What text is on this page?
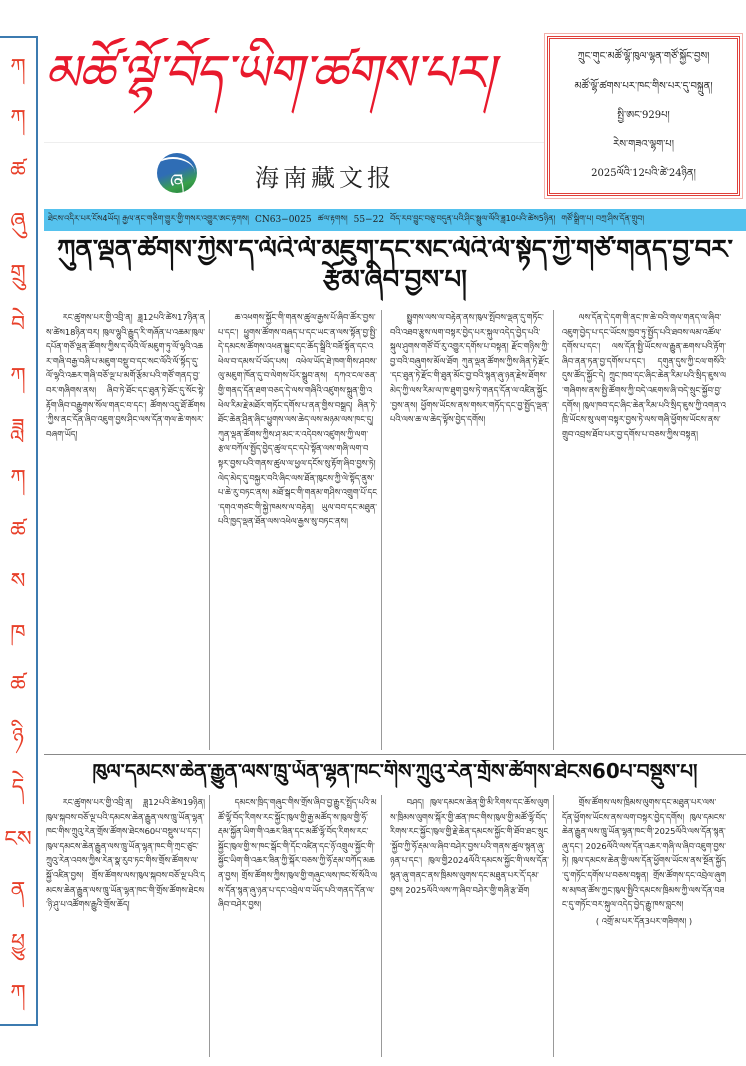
ཀ
ཀ
ཚ
ཞུ
གྲུ
བེ
ཀ
ཟླ
ཀ
ཚ
ས
ཁ
ཚ
ཉི
དེ
ངས
ན
ཕྱུ
ཀ
མཚོ་ལྷོ་བོད་ཡིག་ཚགས་པར།
ཞ	海南藏文报
ཀྲུང་གུང་མཚོ་ལྷོ་ཁུལ་ལྷན་གཙོ་སྐྱོང་བྱས།
མཚོ་ལྷོ་ཚགས་པར་ཁང་གིས་པར་དུ་བསྐྲུན།
སྤྱི་ཨང་929པ།
རེས་གཟའ་ལྷག་པ།
2025ལོའི་12པའི་ཚེ་24ཉིན།
ཐེངས་འདིར་པར་ངོས4ཡོད། རྒྱལ་ནང་གཅིག་གྱུར་གྱི་གསར་འགྱུར་ཨང་རྟགས། CN63−0025 ཚལ་རྟགས། 55−22 བོད་རབ་བྱུང་བཅུ་བདུན་པའི་ཤིང་སྦྲུལ་ལོའི་ཟླ10པའི་ཚེས5ཉིན། གཙོ་སྒྲིག་པ། བཀྲ་ཤིས་དོན་གྲུབ།
ཀུན་ལྡན་ཚོགས་ཀྱིས་ད་ལོའི་ལོ་མཇུག་དང་སང་ལོའི་ལོ་སྟོད་ཀྱི་གཙོ་གནད་བྱ་བར་རྩོམ་ཞིབ་བྱས་པ།

རང་ཚུགས་པར་གྱི་འབྲི་ན། ཟླ12པའི་ཚེས17ཉིན་ནས་ཚེས18ཉིན་བར། ཁུལ་ལྷུའི་རྒྱུད་རི་གཞོན་པ་འཆམ་ཁུལ་དཔོན་གཙོ་ལྡན་ཚོགས་ཀྱིས་ད་ལོའི་ལོ་མཇུག་ཏུ་ལོ་ལྷའི་འཆར་གཞི་བརྒྱ་བཞི་པ་མཇུག་བསྡུ་བ་དང་སང་ལོའི་ལོ་སྟོད་དུ་ལོ་ལྷའི་འཆར་གཞི་བཅོ་ལྔ་པ་མགོ་རྩོམ་པའི་གཙོ་གནད་བྱ་བར་གཞིགས་ནས། ཞིབ་ཏེ་ཐོང་དང་ཐུན་ཏེ་ཐོང་དུ་སོང་སྟེ་རྟོག་ཞིབ་བརྒྱུགས་སོལ་གནང་བ་དང་། ཚོགས་འདུ་ཐོ་ཚོགས་ཀྱིས་ནང་དོན་ཞིབ་འཇུག་བྱས་ཤིང་ལས་དོན་གལ་ཆེ་གསར་བཞག་ཡོད།

ཆ་འཕགས་སྐྱོང་གི་གནས་ཚུལ་རྒྱས་པོ་ཞིབ་ཚོར་བྱས་པ་དང་། ཕྱུགས་ཚོགས་བཞད་པ་དང་ཡང་ན་ལས་སྟོན་བྱ་སྤྱི་དེ་དམངས་ཚོགས་འཕན་སྐྱུང་དང་ཆོད་སྒྲིའི་བཟོ་སྟོན་དང་འཕེལ་བ་དམས་པོ་ཡོད་པས། འཕེལ་ཡོད་ཐེ་ཁག་གིས་ཤབས་ལུ་མཇུག་ཁོན་དུ་བ་ལེགས་པོར་སྒྲུབ་ནས། དཀའ་ངལ་ཅན་གྱི་གནད་དོན་ཐག་བཅད་དེ་ལས་གཞིའི་འཛུགས་སྐྲུན་གྱི་འཕེལ་རིམ་རྗེ་མཐོར་གཏོང་དགོས་པ་ནན་གྱིས་བསྒྲད། ཞིན་ཏེ་ཐོང་ཆེན་ཤྲིན་ཞིང་ཕྱུགས་ལས་ཆེད་ལས་མཉམ་ལས་ཁང་དུ། ཀུན་ལྡན་ཚོགས་ཀྱིས་ཤ་མང་ར་འདེབས་འཛུགས་ཀྱི་ལག་རྩལ་བཀོལ་སྤྱོད་བྱེད་ཚུལ་དང་དཔེ་སྟོན་ལས་གཞི་ལག་བསྟར་བྱས་པའི་གནས་ཚུལ་ལ་ཕྱལ་དངོས་སུ་རྟོག་ཞིབ་བྱས་ཏེ། ལེད་མེད་དུ་བསྐྱར་བའི་ཞིང་ལས་ཐོན་ཁུངས་ཀྱི་ལེ་སྟོད་ནུས་པ་ཆེ་རུ་བཏང་ནས། མཐོ་སྒང་གི་གནམ་གཤིས་འགྲུག་པོ་དང་དགའ་གཙང་གི་སྐྱེ་ཁམས་ལ་བརྟེན། ཡུལ་བབ་དང་མཐུན་པའི་ཁྱད་ལྡན་ཐོན་ལས་འཕེལ་རྒྱས་སུ་བཏང་ནས།

སྤྱུགས་ལས་ལ་བརྟེན་ནས་ཁུལ་སྤོབས་ལྡན་དུ་གཏོང་བའི་འཐབ་རྩུས་ལག་བསྟར་བྱེད་པར་སྐུལ་འདེད་བྱེད་པའི་སྐུལ་ཤུགས་གཙོ་བོ་རུ་འགྱུར་དགོས་པ་བསྟན། རྫོང་གཉིས་ཀྱི་བྱ་བའི་བཞུགས་མོལ་ཐོག ཀུན་ལྡན་ཚོགས་ཀྱིས་ཞིན་ཏེ་རྫོང་དང་ཐུན་ཏེ་རྫོང་གི་ཐུན་མོང་བྱ་བའི་སྙན་ཞུ་ཉན་རྗེས་ཐོགས་མེད་ཀྱི་ལས་རིམ་ལ་ཁ་ཐུག་བྱས་ཏེ་གནད་དོན་ལ་འཛིན་སྐྱོང་བྱས་ནས། ཕྱོགས་ཡོངས་ནས་གསར་གཏོད་དང་བྱ་སྤྱོད་ལྡན་པའི་ལས་ཆ་ལ་ཆེད་ལྟོས་བྱེད་དགོས།

ལས་དོན་དེ་དག་གི་ནང་ཁ་ཆེ་བའི་གལ་གནད་ལ་ཞིབ་འཇུག་བྱེད་པ་དང་ཡོངས་ཁྱབ་ཏུ་སྤྱོད་པའི་ཐབས་ལམ་འཚོལ་དགོས་པ་དང་། ལས་དོན་སྤྱི་ཡོངས་ལ་རྒྱུན་ཆགས་པའི་རྟོག་ཞིབ་ནན་ཏན་བྱ་དགོས་པ་དང་། དགུན་དུས་ཀྱི་ངལ་གསོའི་དུས་ཚོད་སྐྱོང་དེ། ཀྲུང་ཁབ་དང་ཞིང་ཆེན་རིམ་པའི་སྲིད་ཇུས་ལ་གཞིགས་ནས་སྤྱི་ཚོགས་ཀྱི་བདེ་འཇགས་ཞི་བདེ་སྲུང་སྐྱོབ་བྱ་དགོས། ཁུལ་ཁབ་དང་ཞིང་ཆེན་རིམ་པའི་སྲིད་ཇུས་ཀྱི་འགན་འཁྲི་ཡོངས་སུ་ལག་བསྟར་བྱས་ཏེ་ལས་གཞི་ཕྱོགས་ཡོངས་ནས་གྲུབ་འབྲས་ཐོབ་པར་བྱ་དགོས་པ་བཅས་ཀྱིས་བསྟན།

ཁུལ་དམངས་ཆེན་རྒྱུན་ལས་ཁྲུ་ཡོན་ལྷན་ཁང་གིས་ཀྲུའུ་རེན་གྲོས་ཚོགས་ཐེངས60པ་བསྡུས་པ།

རང་ཚུགས་པར་གྱི་འབྲི་ན། ཟླ12པའི་ཚེས19ཉིན། ཁུལ་སྐབས་བཅོ་ལྔ་པའི་དམངས་ཆེན་རྒྱུན་ལས་ཁྲུ་ཡོན་ལྷན་ཁང་གིས་ཀྲུའུ་རེན་གྲོས་ཚོགས་ཐེངས60པ་བསྡུས་པ་དང་། ཁུལ་དམངས་ཆེན་རྒྱུན་ལས་ཁྲུ་ཡོན་ལྷན་ཁང་གི་ཀྲང་ཙུང་ཀྲུའུ་རེན་འབས་ཀྱིས་རེན་སྣ་རུབ་ཏང་གིས་གྲོས་ཚོགས་ལ་སྐྱོ་འཛིན་བྱས། གྲོས་ཚོགས་ལས་ཁུལ་སྐབས་བཅོ་ལྔ་པའི་དམངས་ཆེན་རྒྱུན་ལས་ཁྲུ་ཡོན་ལྷན་ཁང་གི་གྲོས་ཚོགས་ཐེངས་ཉི་ཤུ་པ་འཚོགས་རྒྱུའི་གྲོས་ཆོད།

དམངས་ཁྲིད་གཞུང་གིས་གྲོས་ཞིབ་བྱ་རྒྱུར་སྤྲོད་པའི་མཚོ་ལྷོ་བོད་རིགས་རང་སྐྱོང་ཁུལ་གྱི་རྒྱ་མཚོད་ས་ཁུལ་གྱི་ཧོ་རྡམ་སྐྱོན་ཡིག་གི་འཆར་ཟིན་དང་མཚོ་ལྷོ་བོད་རིགས་རང་སྐྱོང་ཁུལ་གྱི་ས་ཁང་སྒོང་གི་དོང་འཛིན་དང་ཉོ་འགྲུལ་སྐྱོང་གི་སྐྱོང་ཡིག་གི་འཆར་ཟིན་ཀྱི་སྐོར་བཅས་ཀྱི་ཧོ་རྡམ་བཀོད་མཆན་བྱས། གྲོས་ཚོགས་ཀྱིས་ཁུལ་གྱི་གཞུང་ལས་ཁང་སོ་སོའི་ལས་དོན་སྙན་ཞུ་ཉན་པ་དང་འབྲེལ་བ་ཡོད་པའི་གནད་དོན་ལ་ཞིབ་བཤེར་བྱས།

བཤད། ཁུལ་དམངས་ཆེན་གྱི་མི་རིགས་དང་ཆོས་ལུགས་ཁྲིམས་ལུགས་སྐོར་གྱི་ཚན་ཁང་གིས་ཁུལ་གྱི་མཚོ་ལྷོ་བོད་རིགས་རང་སྐྱོང་ཁུལ་གྱི་རྗེ་ཆེན་དམངས་སྐྱོང་གི་ཐོབ་ཐང་སྲུང་སྐྱོབ་ཀྱི་ཧོ་རྡམ་ལ་ཞིབ་བཤེར་བྱས་པའི་གནས་ཚུལ་སྙན་ཞུ་ཉན་པ་དང་། ཁུལ་གྱི2024ལོའི་དམངས་སྐྱོང་གི་ལས་དོན་སྙན་ཞུ་གནང་ནས་ཁྲིམས་ལུགས་དང་མཐུན་པར་དོ་དམ་བྱས། 2025ལོའི་ལས་ཀ་ཞིབ་བཤེར་གྱི་གཞི་རྩ་ཐོག

གྲོས་ཚོགས་ལས་ཁྲིམས་ལུགས་དང་མཐུན་པར་ལས་དོན་ཕྱོགས་ཡོངས་ནས་ལག་བསྟར་བྱེད་དགོས། ཁུལ་དམངས་ཆེན་རྒྱུན་ལས་ཁྲུ་ཡོན་ལྷན་ཁང་གི་2025ལོའི་ལས་དོན་སྙན་ཞུ་དང་། 2026ལོའི་ལས་དོན་འཆར་གཞི་ལ་ཞིབ་འཇུག་བྱས་ཏེ། ཁུལ་དམངས་ཆེན་གྱི་ལས་དོན་ཕྱོགས་ཡོངས་ནས་སྔོན་སྐྱོད་དུ་གཏོང་དགོས་པ་བཅས་བསྟན། གྲོས་ཚོགས་དང་འབྲེལ་ཞུགས་མཁན་ཚོས་ཀྱང་ཁུལ་སྤྱིའི་དམངས་ཁྲིམས་ཀྱི་ལས་དོན་བཟང་དུ་གཏོང་བར་སྐུལ་འདེད་བྱེད་རྒྱུ་ཁས་བླངས།

( འགྲོ་མ་པར་དོན3པར་གཟིགས། )
